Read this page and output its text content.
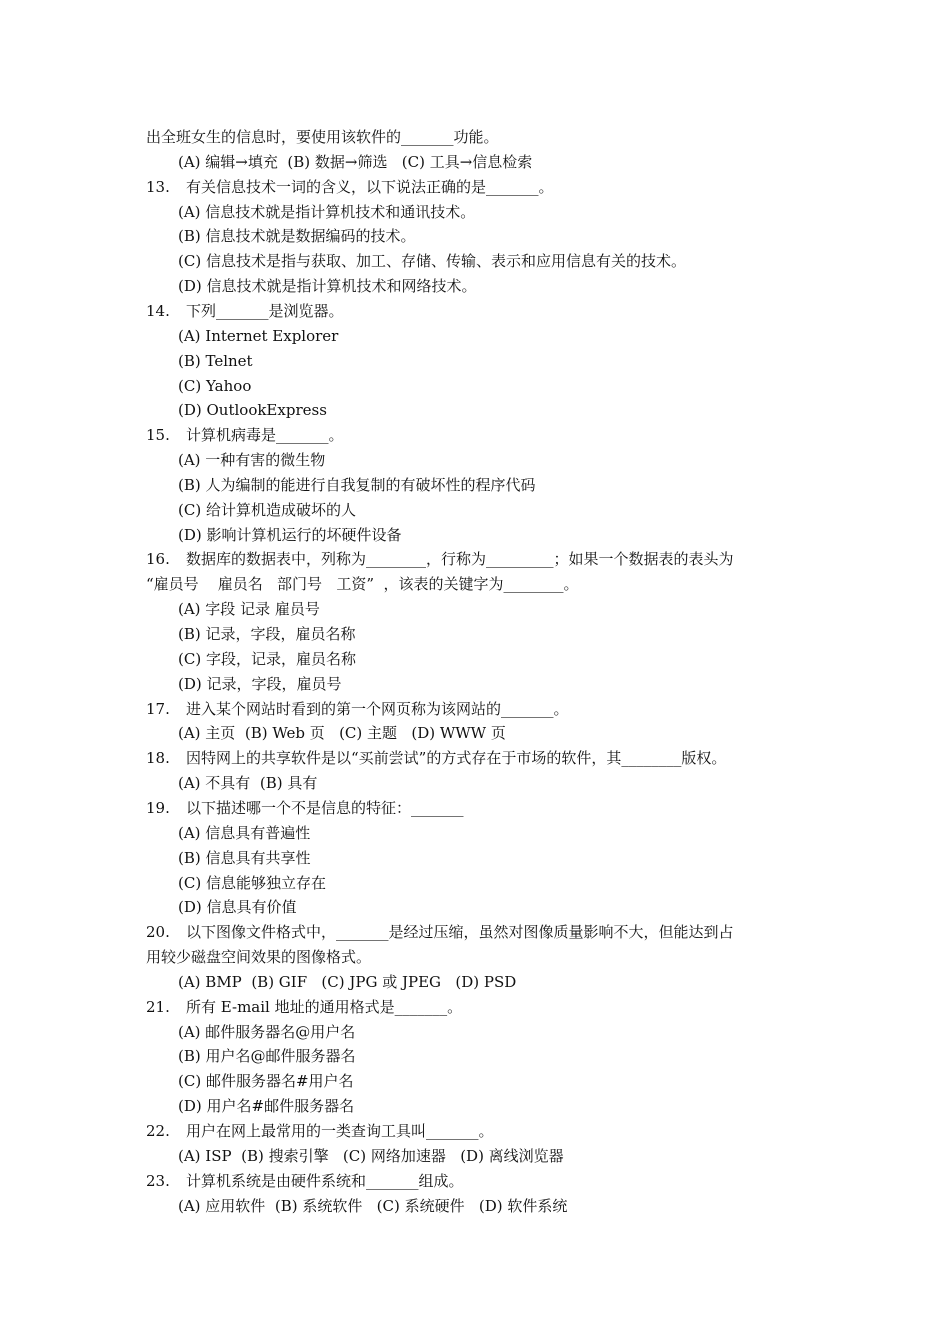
出全班女生的信息时，要使用该软件的_______功能。
(A) 编辑→填充  (B) 数据→筛选   (C) 工具→信息检索
13. 有关信息技术一词的含义，以下说法正确的是_______。
(A) 信息技术就是指计算机技术和通讯技术。
(B) 信息技术就是数据编码的技术。
(C) 信息技术是指与获取、加工、存储、传输、表示和应用信息有关的技术。
(D) 信息技术就是指计算机技术和网络技术。
14. 下列_______是浏览器。
(A) Internet Explorer
(B) Telnet
(C) Yahoo
(D) OutlookExpress
15. 计算机病毒是_______。
(A) 一种有害的微生物
(B) 人为编制的能进行自我复制的有破坏性的程序代码
(C) 给计算机造成破坏的人
(D) 影响计算机运行的坏硬件设备
16. 数据库的数据表中，列称为________，行称为_________；如果一个数据表的表头为
“雇员号    雇员名   部门号   工资”  ，该表的关键字为________。
(A) 字段 记录 雇员号
(B) 记录，字段，雇员名称
(C) 字段，记录，雇员名称
(D) 记录，字段，雇员号
17. 进入某个网站时看到的第一个网页称为该网站的_______。
(A) 主页  (B) Web 页   (C) 主题   (D) WWW 页
18. 因特网上的共享软件是以“买前尝试”的方式存在于市场的软件，其________版权。
(A) 不具有  (B) 具有
19. 以下描述哪一个不是信息的特征：_______
(A) 信息具有普遍性
(B) 信息具有共享性
(C) 信息能够独立存在
(D) 信息具有价值
20. 以下图像文件格式中，_______是经过压缩，虽然对图像质量影响不大，但能达到占
用较少磁盘空间效果的图像格式。
(A) BMP  (B) GIF   (C) JPG 或 JPEG   (D) PSD
21. 所有 E-mail 地址的通用格式是_______。
(A) 邮件服务器名@用户名
(B) 用户名@邮件服务器名
(C) 邮件服务器名#用户名
(D) 用户名#邮件服务器名
22. 用户在网上最常用的一类查询工具叫_______。
(A) ISP  (B) 搜索引擎   (C) 网络加速器   (D) 离线浏览器
23. 计算机系统是由硬件系统和_______组成。
(A) 应用软件  (B) 系统软件   (C) 系统硬件   (D) 软件系统
